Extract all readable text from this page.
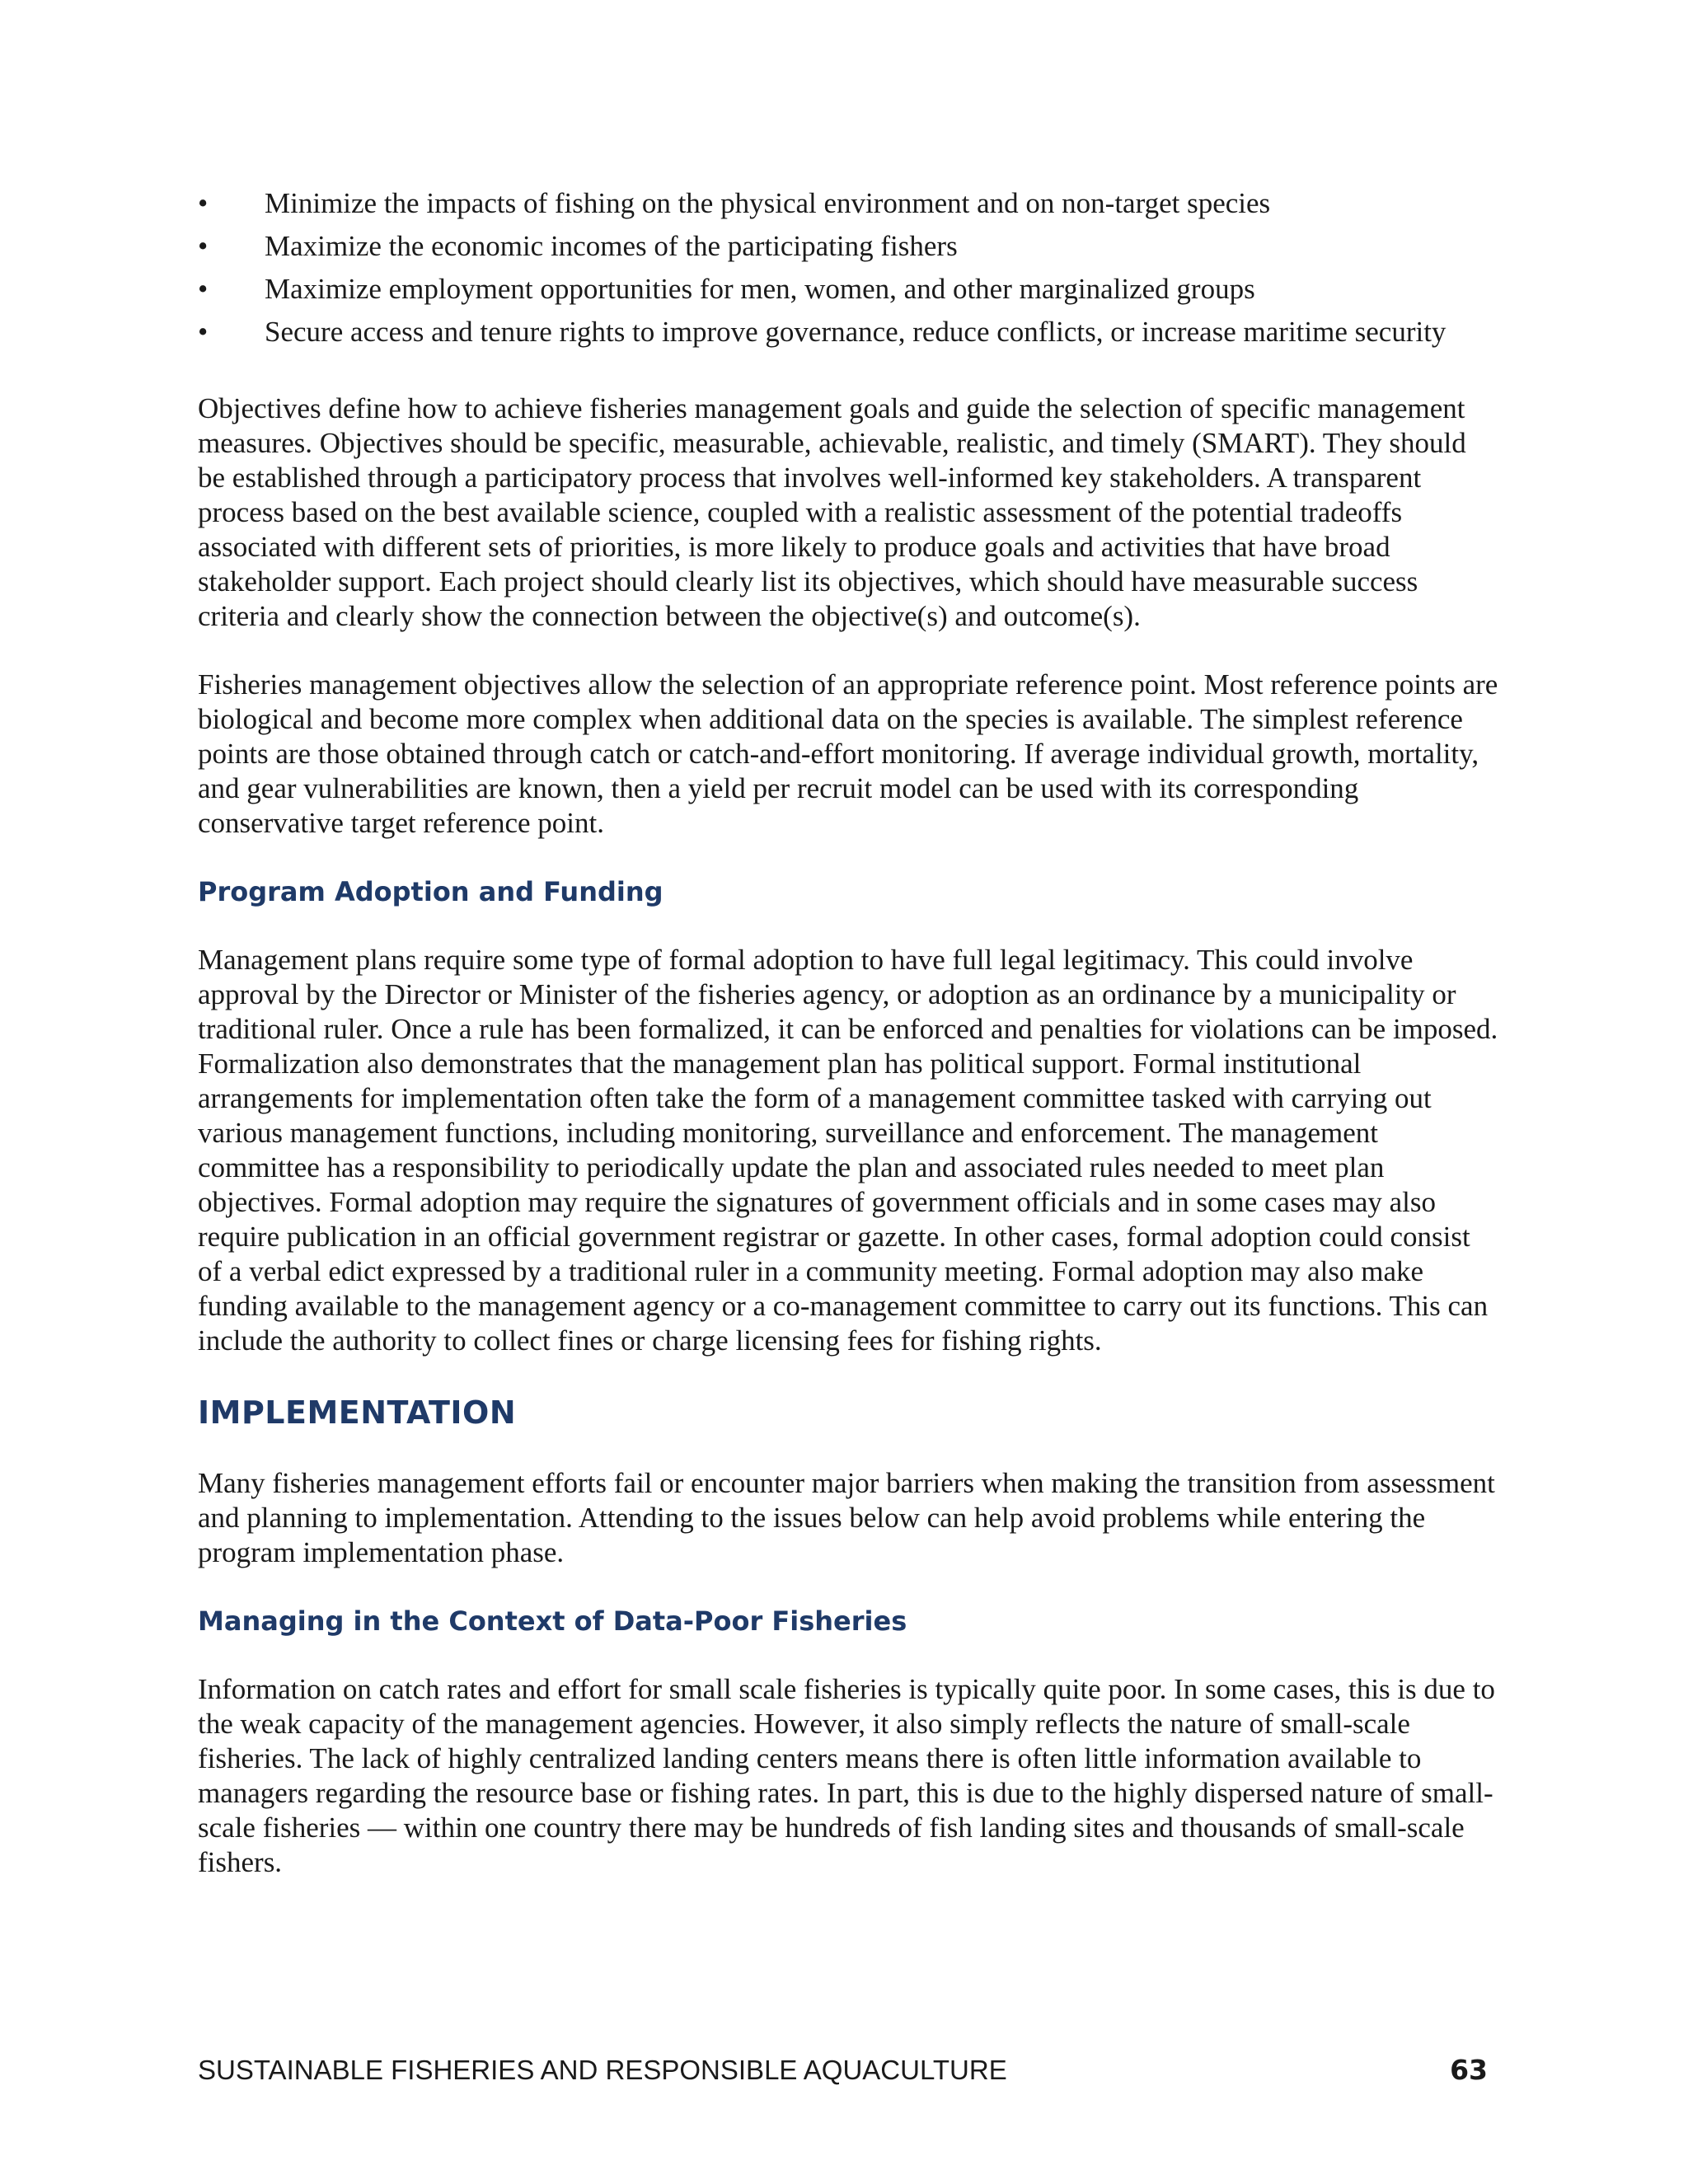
•	Minimize the impacts of fishing on the physical environment and on non-target species
•	Maximize the economic incomes of the participating fishers
•	Maximize employment opportunities for men, women, and other marginalized groups
•	Secure access and tenure rights to improve governance, reduce conflicts, or increase maritime security

Objectives define how to achieve fisheries management goals and guide the selection of specific management measures. Objectives should be specific, measurable, achievable, realistic, and timely (SMART). They should be established through a participatory process that involves well-informed key stakeholders. A transparent process based on the best available science, coupled with a realistic assessment of the potential tradeoffs associated with different sets of priorities, is more likely to produce goals and activities that have broad stakeholder support. Each project should clearly list its objectives, which should have measurable success criteria and clearly show the connection between the objective(s) and outcome(s).

Fisheries management objectives allow the selection of an appropriate reference point. Most reference points are biological and become more complex when additional data on the species is available. The simplest reference points are those obtained through catch or catch-and-effort monitoring. If average individual growth, mortality, and gear vulnerabilities are known, then a yield per recruit model can be used with its corresponding conservative target reference point.

Program Adoption and Funding

Management plans require some type of formal adoption to have full legal legitimacy. This could involve approval by the Director or Minister of the fisheries agency, or adoption as an ordinance by a municipality or traditional ruler. Once a rule has been formalized, it can be enforced and penalties for violations can be imposed. Formalization also demonstrates that the management plan has political support. Formal institutional arrangements for implementation often take the form of a management committee tasked with carrying out various management functions, including monitoring, surveillance and enforcement. The management committee has a responsibility to periodically update the plan and associated rules needed to meet plan objectives. Formal adoption may require the signatures of government officials and in some cases may also require publication in an official government registrar or gazette. In other cases, formal adoption could consist of a verbal edict expressed by a traditional ruler in a community meeting. Formal adoption may also make funding available to the management agency or a co-management committee to carry out its functions. This can include the authority to collect fines or charge licensing fees for fishing rights.

IMPLEMENTATION

Many fisheries management efforts fail or encounter major barriers when making the transition from assessment and planning to implementation. Attending to the issues below can help avoid problems while entering the program implementation phase.

Managing in the Context of Data-Poor Fisheries

Information on catch rates and effort for small scale fisheries is typically quite poor. In some cases, this is due to the weak capacity of the management agencies. However, it also simply reflects the nature of small-scale fisheries. The lack of highly centralized landing centers means there is often little information available to managers regarding the resource base or fishing rates. In part, this is due to the highly dispersed nature of small-scale fisheries — within one country there may be hundreds of fish landing sites and thousands of small-scale fishers.

SUSTAINABLE FISHERIES AND RESPONSIBLE AQUACULTURE	63
